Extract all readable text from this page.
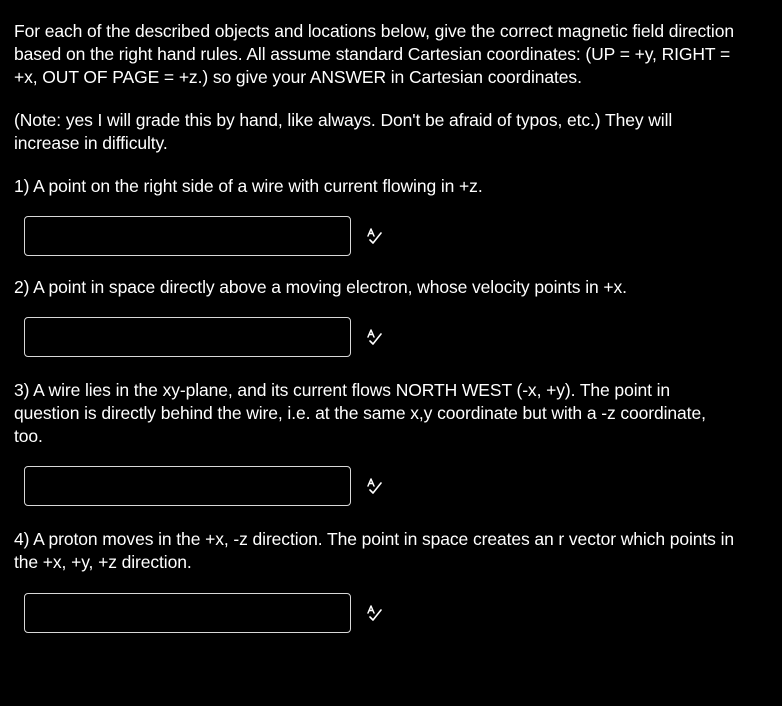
For each of the described objects and locations below, give the correct magnetic field direction based on the right hand rules. All assume standard Cartesian coordinates: (UP = +y, RIGHT = +x, OUT OF PAGE = +z.) so give your ANSWER in Cartesian coordinates.

(Note: yes I will grade this by hand, like always. Don't be afraid of typos, etc.) They will increase in difficulty.

1) A point on the right side of a wire with current flowing in +z.

2) A point in space directly above a moving electron, whose velocity points in +x.

3) A wire lies in the xy-plane, and its current flows NORTH WEST (-x, +y). The point in question is directly behind the wire, i.e. at the same x,y coordinate but with a -z coordinate, too.

4) A proton moves in the +x, -z direction. The point in space creates an r vector which points in the +x, +y, +z direction.
